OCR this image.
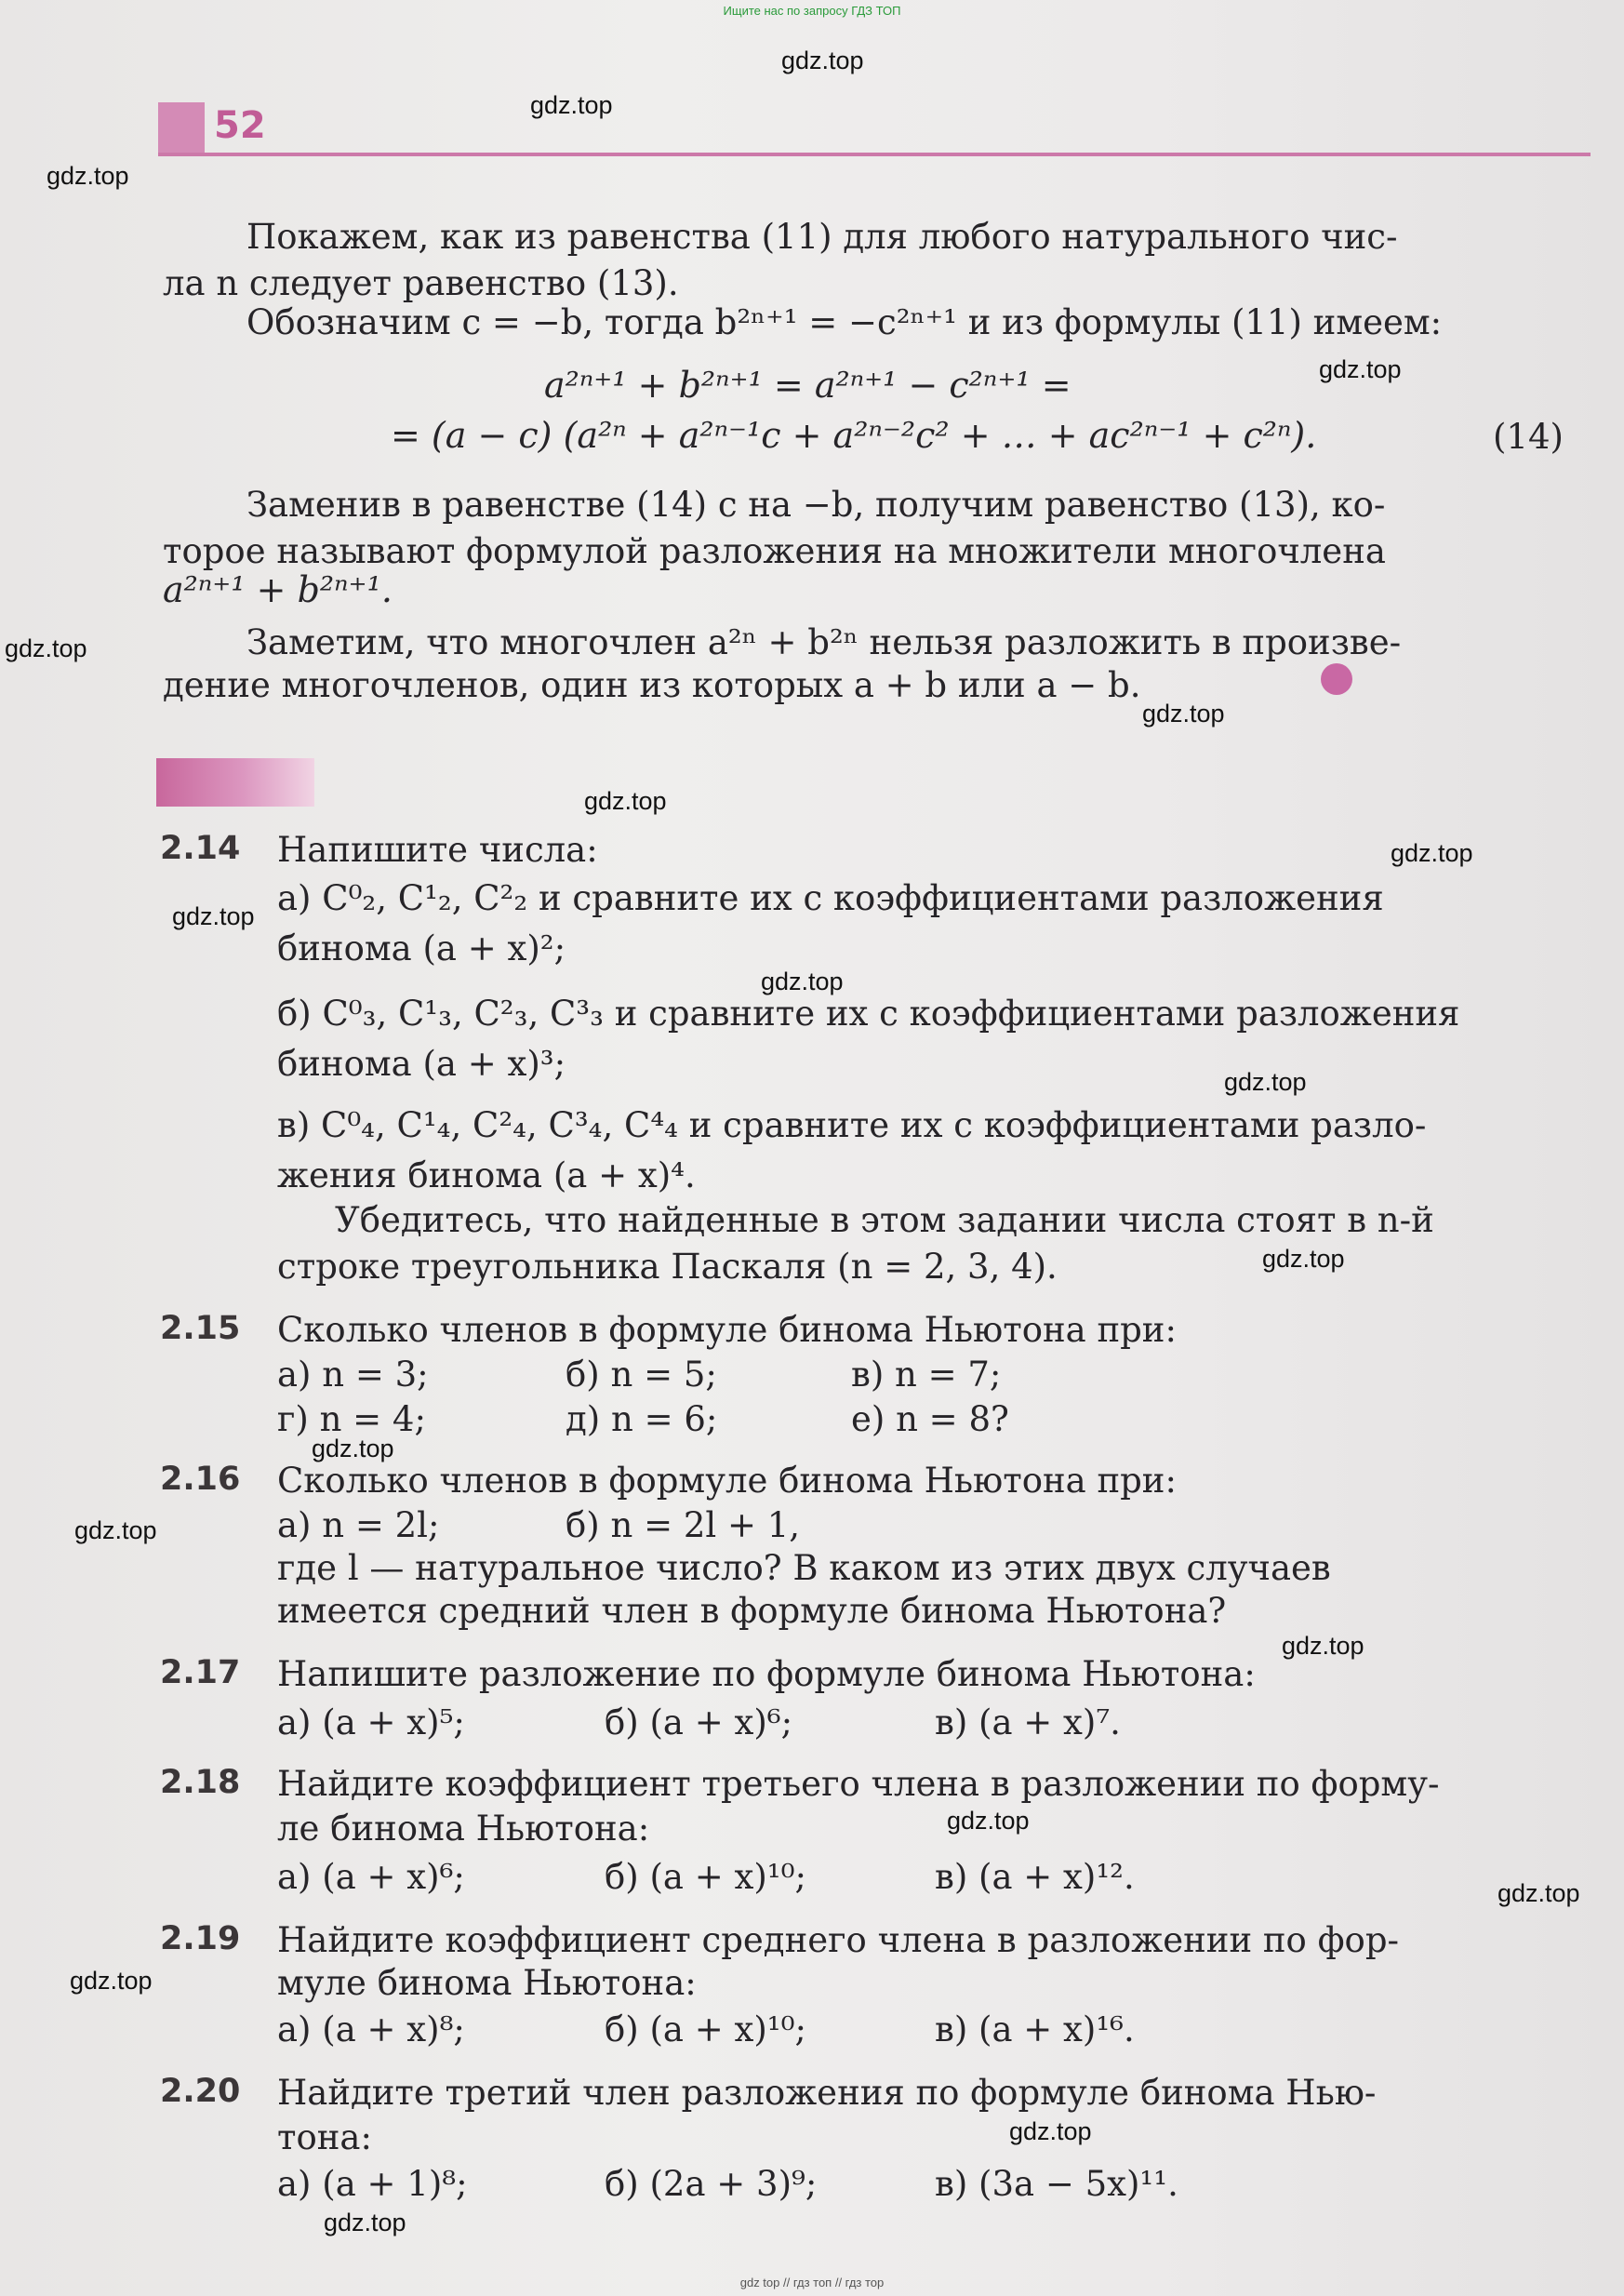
Ищите нас по запросу ГДЗ ТОП
52
Покажем, как из равенства (11) для любого натурального чис-
ла n следует равенство (13).
Обозначим c = −b, тогда b²ⁿ⁺¹ = −c²ⁿ⁺¹ и из формулы (11) имеем:
a²ⁿ⁺¹ + b²ⁿ⁺¹ = a²ⁿ⁺¹ − c²ⁿ⁺¹ =
= (a − c) (a²ⁿ + a²ⁿ⁻¹c + a²ⁿ⁻²c² + … + ac²ⁿ⁻¹ + c²ⁿ).	(14)
Заменив в равенстве (14) c на −b, получим равенство (13), ко-
торое называют формулой разложения на множители многочлена
a²ⁿ⁺¹ + b²ⁿ⁺¹.
Заметим, что многочлен a²ⁿ + b²ⁿ нельзя разложить в произве-
дение многочленов, один из которых a + b или a − b.
2.14 Напишите числа:
а) C⁰₂, C¹₂, C²₂ и сравните их с коэффициентами разложения
бинома (a + x)²;
б) C⁰₃, C¹₃, C²₃, C³₃ и сравните их с коэффициентами разложения
бинома (a + x)³;
в) C⁰₄, C¹₄, C²₄, C³₄, C⁴₄ и сравните их с коэффициентами разло-
жения бинома (a + x)⁴.
Убедитесь, что найденные в этом задании числа стоят в n-й
строке треугольника Паскаля (n = 2, 3, 4).
2.15 Сколько членов в формуле бинома Ньютона при:
а) n = 3;	б) n = 5;	в) n = 7;
г) n = 4;	д) n = 6;	е) n = 8?
2.16 Сколько членов в формуле бинома Ньютона при:
а) n = 2l;	б) n = 2l + 1,
где l — натуральное число? В каком из этих двух случаев
имеется средний член в формуле бинома Ньютона?
2.17 Напишите разложение по формуле бинома Ньютона:
а) (a + x)⁵;	б) (a + x)⁶;	в) (a + x)⁷.
2.18 Найдите коэффициент третьего члена в разложении по форму-
ле бинома Ньютона:
а) (a + x)⁶;	б) (a + x)¹⁰;	в) (a + x)¹².
2.19 Найдите коэффициент среднего члена в разложении по фор-
муле бинома Ньютона:
а) (a + x)⁸;	б) (a + x)¹⁰;	в) (a + x)¹⁶.
2.20 Найдите третий член разложения по формуле бинома Нью-
тона:
а) (a + 1)⁸;	б) (2a + 3)⁹;	в) (3a − 5x)¹¹.
gdz.top
gdz.top
gdz.top
gdz.top
gdz.top
gdz.top
gdz.top
gdz.top
gdz.top
gdz.top
gdz.top
gdz.top
gdz.top
gdz.top
gdz.top
gdz.top
gdz.top
gdz.top
gdz.top
gdz.top
gdz top // гдз топ // гдз тор
